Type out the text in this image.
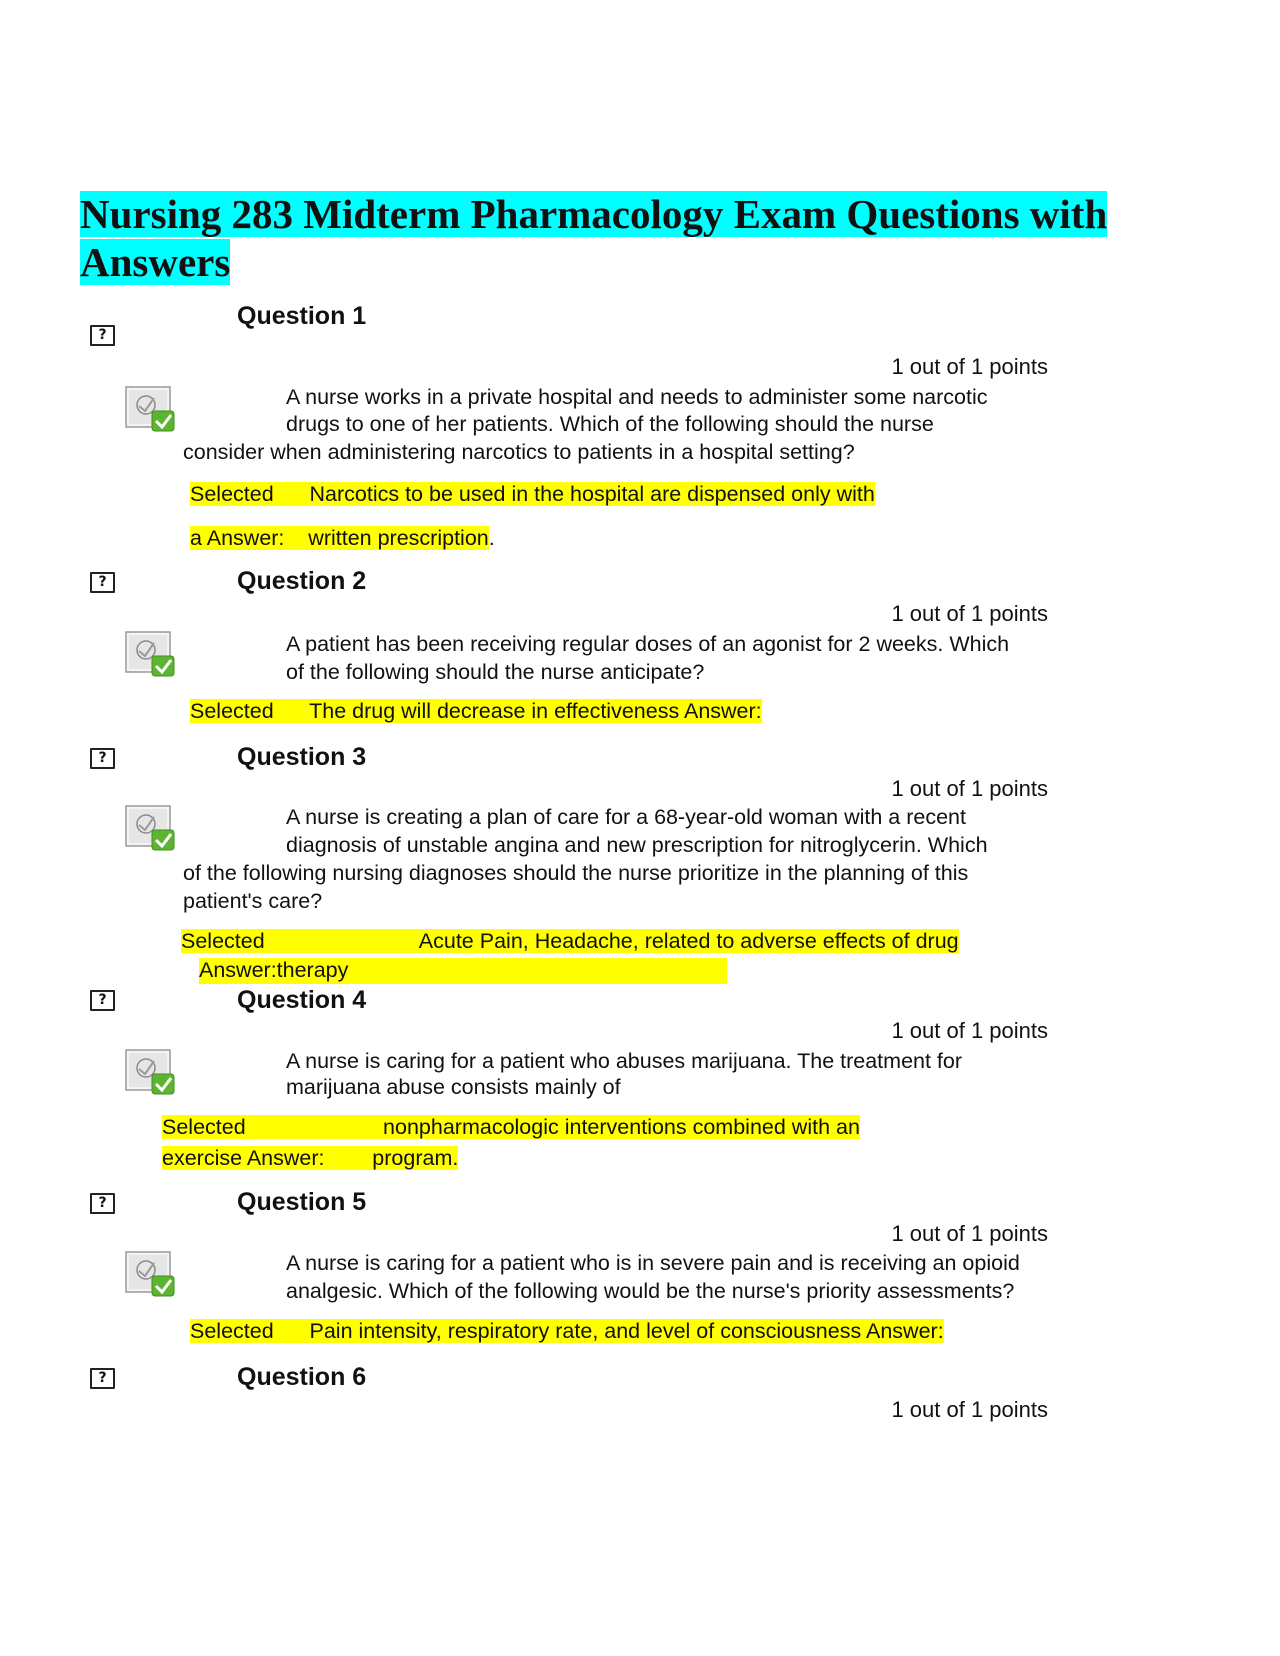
Nursing 283 Midterm Pharmacology Exam Questions with
Answers
?
Question 1
1 out of 1 points
A nurse works in a private hospital and needs to administer some narcotic
drugs to one of her patients. Which of the following should the nurse
consider when administering narcotics to patients in a hospital setting?
Selected      Narcotics to be used in the hospital are dispensed only with
a Answer:    written prescription.
?	Question 2
1 out of 1 points
A patient has been receiving regular doses of an agonist for 2 weeks. Which
of the following should the nurse anticipate?
Selected      The drug will decrease in effectiveness Answer:
?	Question 3
1 out of 1 points
A nurse is creating a plan of care for a 68-year-old woman with a recent
diagnosis of unstable angina and new prescription for nitroglycerin. Which
of the following nursing diagnoses should the nurse prioritize in the planning of this
patient's care?
Selected                          Acute Pain, Headache, related to adverse effects of drug
Answer:therapy
?	Question 4
1 out of 1 points
A nurse is caring for a patient who abuses marijuana. The treatment for
marijuana abuse consists mainly of
Selected                       nonpharmacologic interventions combined with an
exercise Answer:        program.
?	Question 5
1 out of 1 points
A nurse is caring for a patient who is in severe pain and is receiving an opioid
analgesic. Which of the following would be the nurse's priority assessments?
Selected      Pain intensity, respiratory rate, and level of consciousness Answer:
?	Question 6
1 out of 1 points
